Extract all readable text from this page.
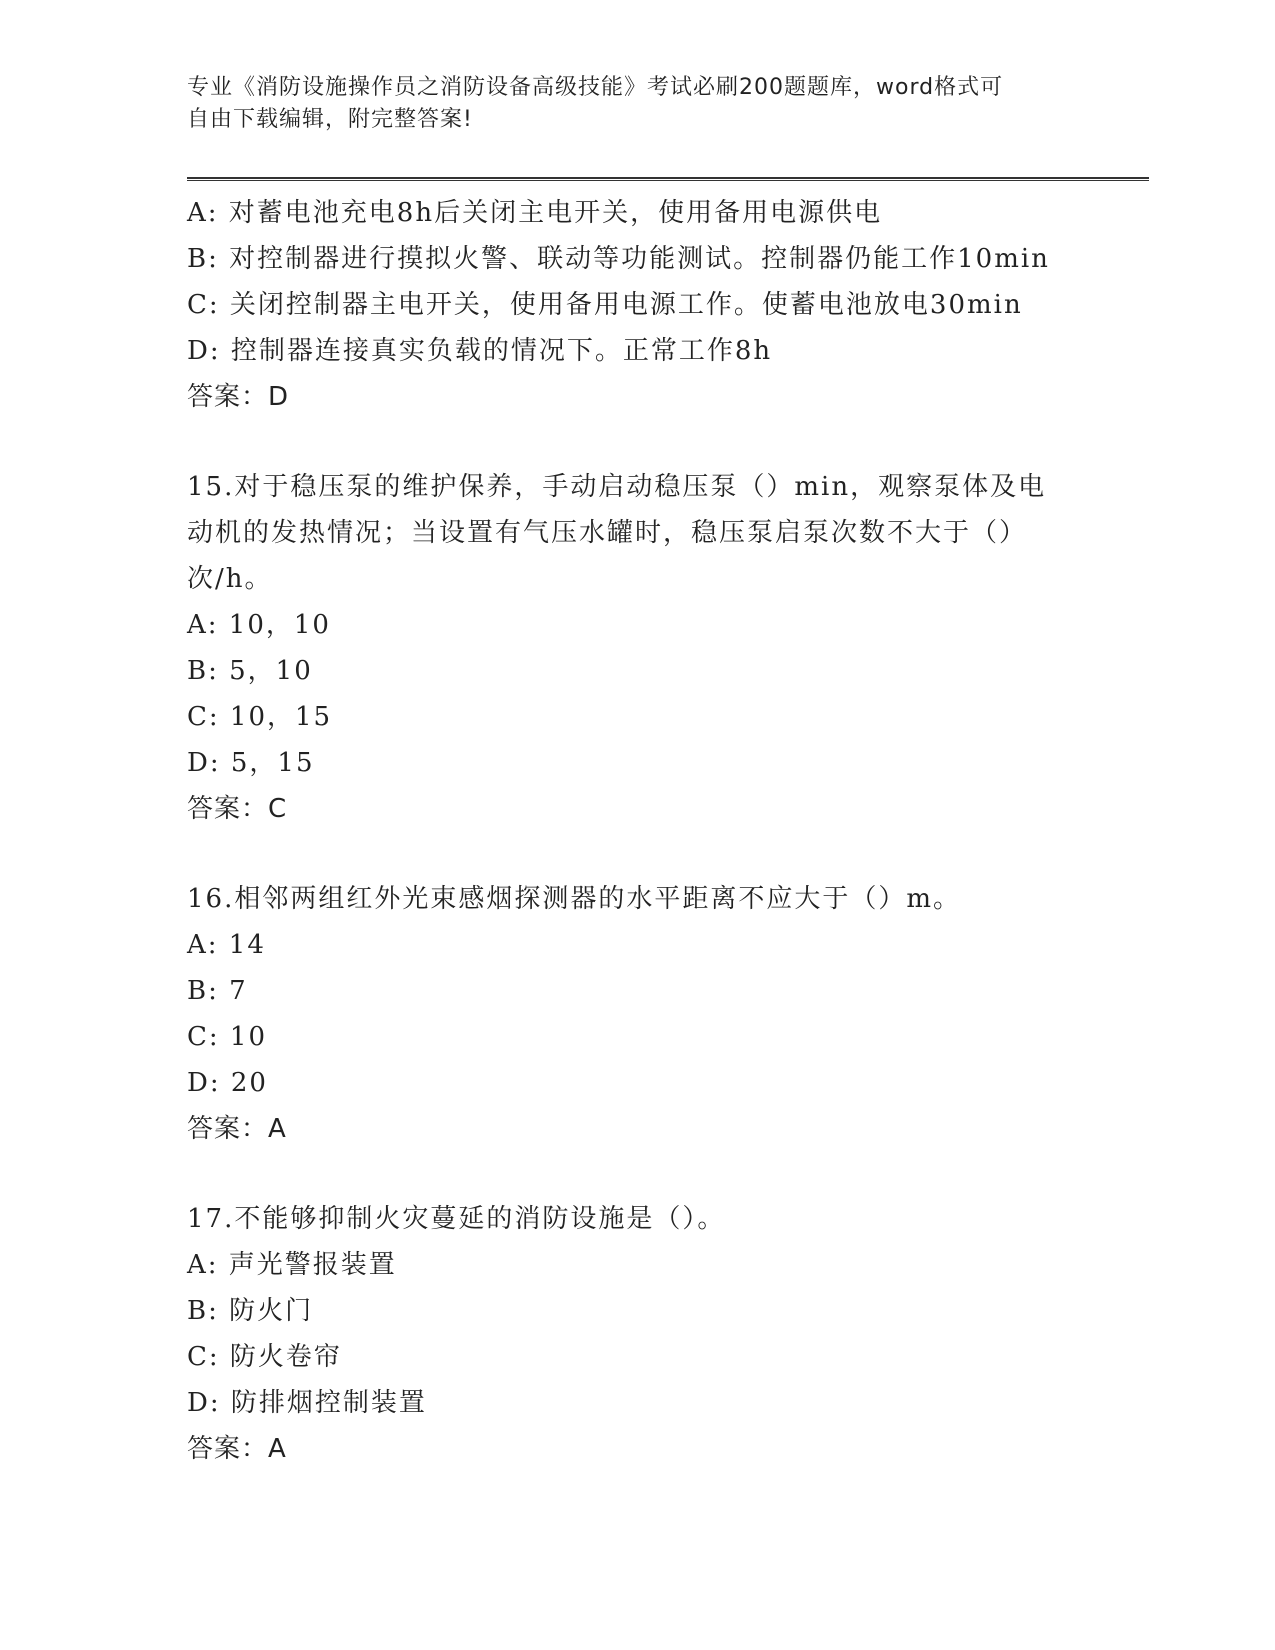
专业《消防设施操作员之消防设备高级技能》考试必刷200题题库，word格式可
自由下载编辑，附完整答案!
A: 对蓄电池充电8h后关闭主电开关，使用备用电源供电
B: 对控制器进行摸拟火警、联动等功能测试。控制器仍能工作10min
C: 关闭控制器主电开关，使用备用电源工作。使蓄电池放电30min
D: 控制器连接真实负载的情况下。正常工作8h
答案：D
15.对于稳压泵的维护保养，手动启动稳压泵（）min，观察泵体及电
动机的发热情况；当设置有气压水罐时，稳压泵启泵次数不大于（）
次/h。
A: 10，10
B: 5，10
C: 10，15
D: 5，15
答案：C
16.相邻两组红外光束感烟探测器的水平距离不应大于（）m。
A: 14
B: 7
C: 10
D: 20
答案：A
17.不能够抑制火灾蔓延的消防设施是（）。
A: 声光警报装置
B: 防火门
C: 防火卷帘
D: 防排烟控制装置
答案：A
